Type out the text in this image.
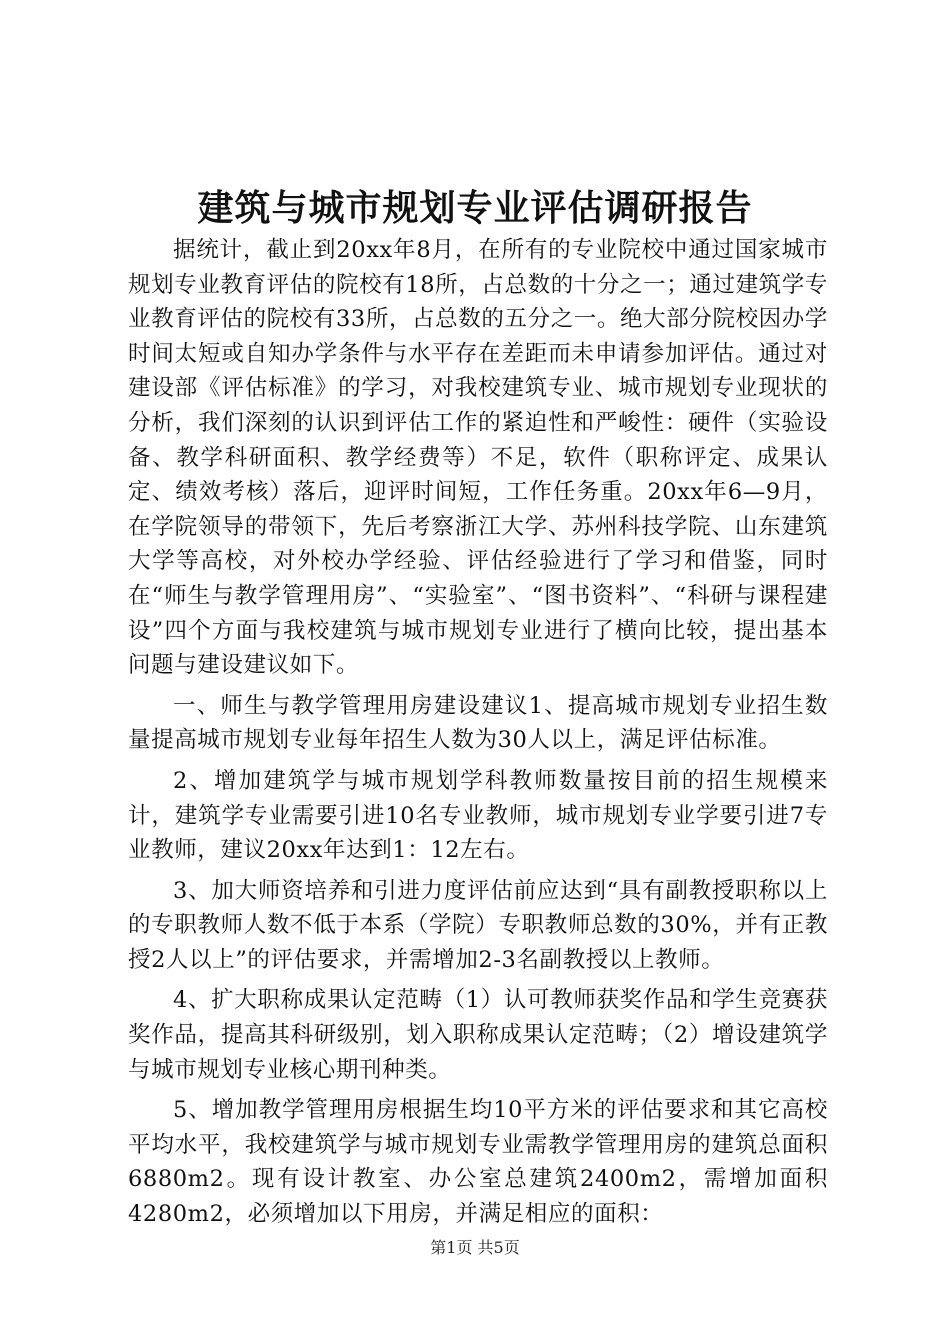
建筑与城市规划专业评估调研报告

据统计，截止到20xx年8月，在所有的专业院校中通过国家城市规划专业教育评估的院校有18所，占总数的十分之一；通过建筑学专业教育评估的院校有33所，占总数的五分之一。绝大部分院校因办学时间太短或自知办学条件与水平存在差距而未申请参加评估。通过对建设部《评估标准》的学习，对我校建筑专业、城市规划专业现状的分析，我们深刻的认识到评估工作的紧迫性和严峻性：硬件（实验设备、教学科研面积、教学经费等）不足，软件（职称评定、成果认定、绩效考核）落后，迎评时间短，工作任务重。20xx年6—9月，在学院领导的带领下，先后考察浙江大学、苏州科技学院、山东建筑大学等高校，对外校办学经验、评估经验进行了学习和借鉴，同时在“师生与教学管理用房”、“实验室”、“图书资料”、“科研与课程建设”四个方面与我校建筑与城市规划专业进行了横向比较，提出基本问题与建设建议如下。

一、师生与教学管理用房建设建议1、提高城市规划专业招生数量提高城市规划专业每年招生人数为30人以上，满足评估标准。

2、增加建筑学与城市规划学科教师数量按目前的招生规模来计，建筑学专业需要引进10名专业教师，城市规划专业学要引进7专业教师，建议20xx年达到1：12左右。

3、加大师资培养和引进力度评估前应达到“具有副教授职称以上的专职教师人数不低于本系（学院）专职教师总数的30%，并有正教授2人以上”的评估要求，并需增加2-3名副教授以上教师。

4、扩大职称成果认定范畴（1）认可教师获奖作品和学生竞赛获奖作品，提高其科研级别，划入职称成果认定范畴；（2）增设建筑学与城市规划专业核心期刊种类。

5、增加教学管理用房根据生均10平方米的评估要求和其它高校平均水平，我校建筑学与城市规划专业需教学管理用房的建筑总面积6880m2。现有设计教室、办公室总建筑2400m2，需增加面积4280m2，必须增加以下用房，并满足相应的面积：

第1页 共5页
